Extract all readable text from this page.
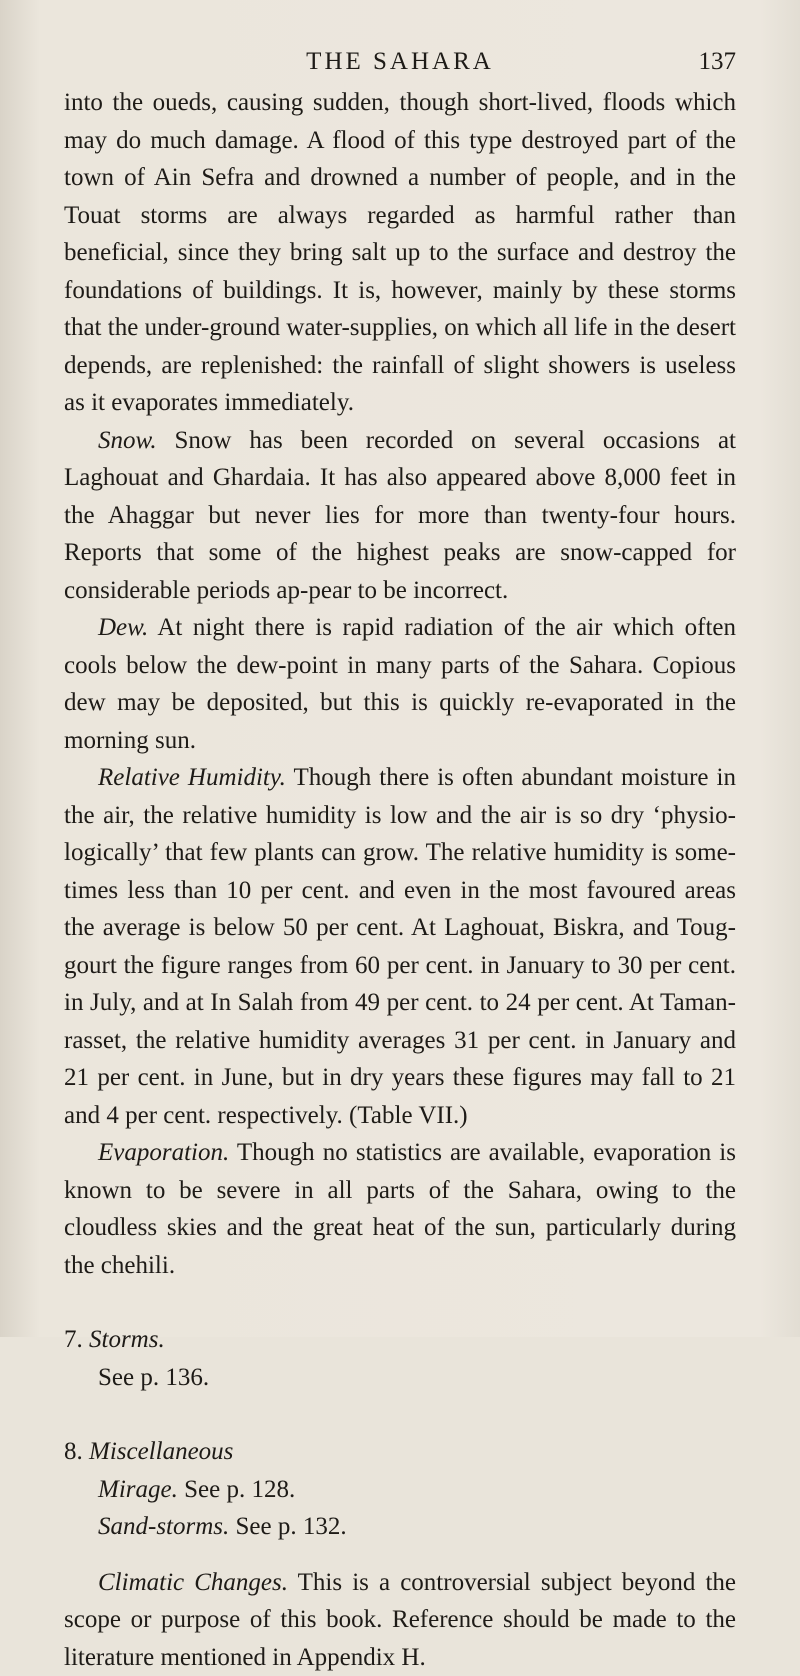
THE SAHARA	137

into the oueds, causing sudden, though short-lived, floods which may do much damage. A flood of this type destroyed part of the town of Ain Sefra and drowned a number of people, and in the Touat storms are always regarded as harmful rather than beneficial, since they bring salt up to the surface and destroy the foundations of buildings. It is, however, mainly by these storms that the under-ground water-supplies, on which all life in the desert depends, are replenished: the rainfall of slight showers is useless as it evaporates immediately.

Snow. Snow has been recorded on several occasions at Laghouat and Ghardaia. It has also appeared above 8,000 feet in the Ahaggar but never lies for more than twenty-four hours. Reports that some of the highest peaks are snow-capped for considerable periods ap-pear to be incorrect.

Dew. At night there is rapid radiation of the air which often cools below the dew-point in many parts of the Sahara. Copious dew may be deposited, but this is quickly re-evaporated in the morning sun.

Relative Humidity. Though there is often abundant moisture in the air, the relative humidity is low and the air is so dry ‘physio-logically’ that few plants can grow. The relative humidity is some-times less than 10 per cent. and even in the most favoured areas the average is below 50 per cent. At Laghouat, Biskra, and Toug-gourt the figure ranges from 60 per cent. in January to 30 per cent. in July, and at In Salah from 49 per cent. to 24 per cent. At Taman-rasset, the relative humidity averages 31 per cent. in January and 21 per cent. in June, but in dry years these figures may fall to 21 and 4 per cent. respectively. (Table VII.)

Evaporation. Though no statistics are available, evaporation is known to be severe in all parts of the Sahara, owing to the cloudless skies and the great heat of the sun, particularly during the chehili.

7. Storms.

See p. 136.

8. Miscellaneous

Mirage. See p. 128.

Sand-storms. See p. 132.

Climatic Changes. This is a controversial subject beyond the scope or purpose of this book. Reference should be made to the literature mentioned in Appendix H.
